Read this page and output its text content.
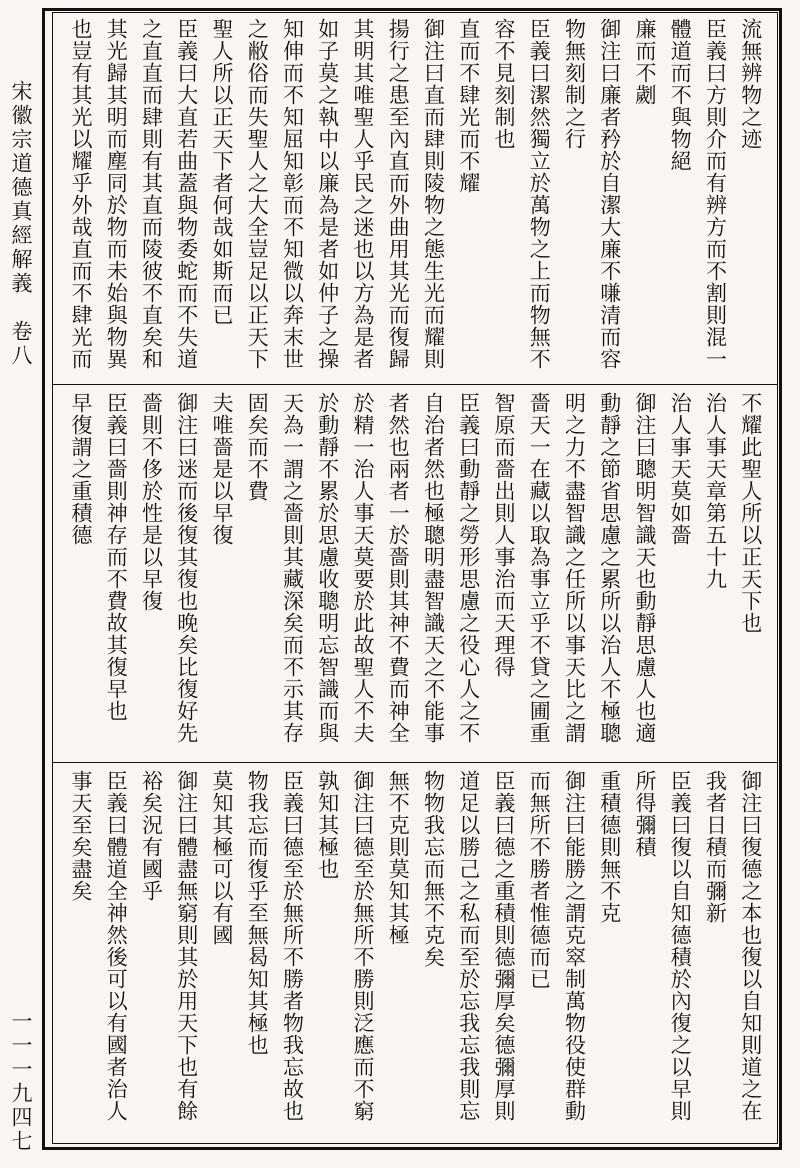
宋徽宗道德真經解義　卷八
一一一九四七
流無辨物之迹
臣義曰方則介而有辨方而不割則混一
體道而不與物絕
廉而不劌
御注曰廉者矜於自潔大廉不嗛清而容
物無刻制之行
臣義曰潔然獨立於萬物之上而物無不
容不見刻制也
直而不肆光而不耀
御注曰直而肆則陵物之態生光而耀則
揚行之患至內直而外曲用其光而復歸
其明其唯聖人乎民之迷也以方為是者
如子莫之執中以廉為是者如仲子之操
知伸而不知屈知彰而不知微以奔末世
之敝俗而失聖人之大全豈足以正天下
聖人所以正天下者何哉如斯而已
臣義曰大直若曲蓋與物委蛇而不失道
之直直而肆則有其直而陵彼不直矣和
其光歸其明而塵同於物而未始與物異
也豈有其光以耀乎外哉直而不肆光而
不耀此聖人所以正天下也
治人事天章第五十九
治人事天莫如嗇
御注曰聰明智識天也動靜思慮人也適
動靜之節省思慮之累所以治人不極聰
明之力不盡智識之任所以事天比之謂
嗇天一在藏以取為事立乎不貸之圃重
智原而嗇出則人事治而天理得
臣義曰動靜之勞形思慮之役心人之不
自治者然也極聰明盡智識天之不能事
者然也兩者一於嗇則其神不費而神全
於精一治人事天莫要於此故聖人不夫
於動靜不累於思慮收聰明忘智識而與
天為一謂之嗇則其藏深矣而不示其存
固矣而不費
夫唯嗇是以早復
御注曰迷而後復其復也晚矣比復好先
嗇則不侈於性是以早復
臣義曰嗇則神存而不費故其復早也
早復謂之重積德
御注曰復德之本也復以自知則道之在
我者日積而彌新
臣義曰復以自知德積於內復之以早則
所得彌積
重積德則無不克
御注曰能勝之謂克窣制萬物役使群動
而無所不勝者惟德而已
臣義曰德之重積則德彌厚矣德彌厚則
道足以勝己之私而至於忘我忘我則忘
物物我忘而無不克矣
無不克則莫知其極
御注曰德至於無所不勝則泛應而不窮
孰知其極也
臣義曰德至於無所不勝者物我忘故也
物我忘而復乎至無曷知其極也
莫知其極可以有國
御注曰體盡無窮則其於用天下也有餘
裕矣況有國乎
臣義曰體道全神然後可以有國者治人
事天至矣盡矣
